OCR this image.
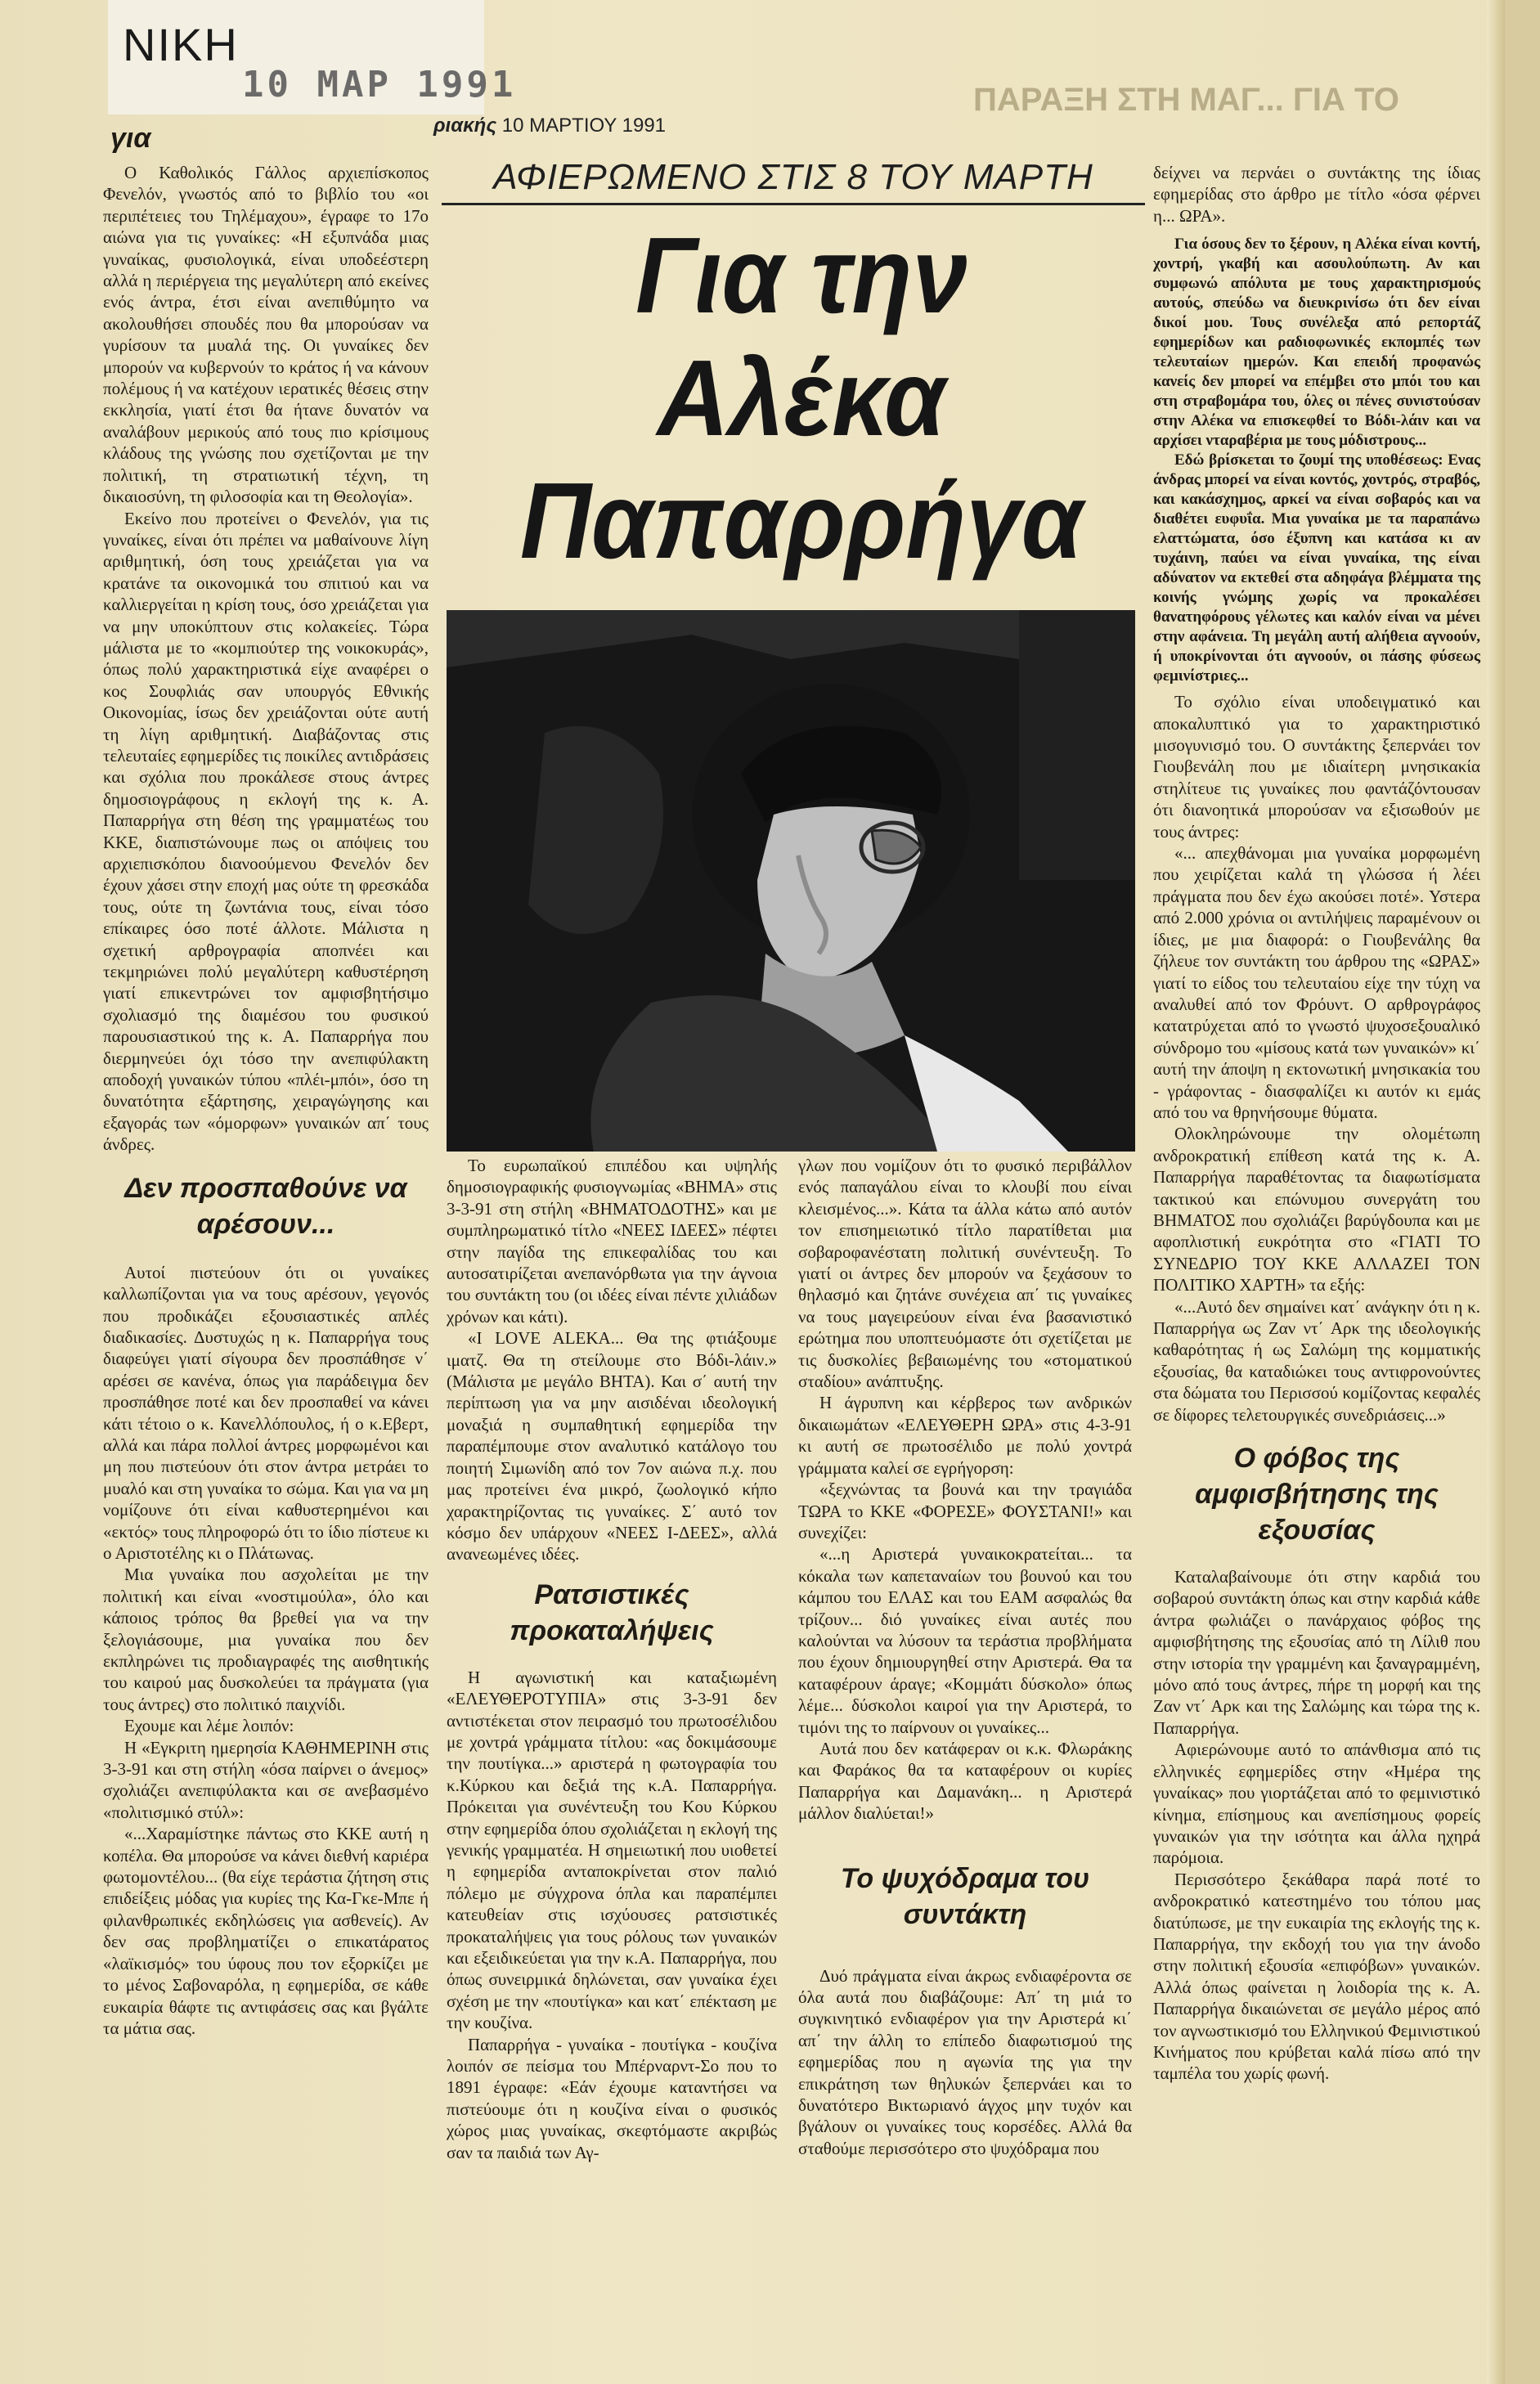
ΝΙΚΗ
10 ΜΑΡ 1991	ΠΑΡΑΞΗ ΣΤΗ ΜΑΓ... ΓΙΑ ΤΟ
ριακής 10 ΜΑΡΤΙΟΥ 1991
για
ΑΦΙΕΡΩΜΕΝΟ ΣΤΙΣ 8 ΤΟΥ ΜΑΡΤΗ
Για την
Αλέκα
Παπαρρήγα

Ο Καθολικός Γάλλος αρχιεπίσκοπος Φενελόν, γνωστός από το βιβλίο του «οι περιπέτειες του Τηλέμαχου», έγραφε το 17ο αιώνα για τις γυναίκες: «Η εξυπνάδα μιας γυναίκας, φυσιολογικά, είναι υποδεέστερη αλλά η περιέργεια της μεγαλύτερη από εκείνες ενός άντρα, έτσι είναι ανεπιθύμητο να ακολουθήσει σπουδές που θα μπορούσαν να γυρίσουν τα μυαλά της. Οι γυναίκες δεν μπορούν να κυβερνούν το κράτος ή να κάνουν πολέμους ή να κατέχουν ιερατικές θέσεις στην εκκλησία, γιατί έτσι θα ήτανε δυνατόν να αναλάβουν μερικούς από τους πιο κρίσιμους κλάδους της γνώσης που σχετίζονται με την πολιτική, τη στρατιωτική τέχνη, τη δικαιοσύνη, τη φιλοσοφία και τη Θεολογία».

Εκείνο που προτείνει ο Φενελόν, για τις γυναίκες, είναι ότι πρέπει να μαθαίνουνε λίγη αριθμητική, όση τους χρειάζεται για να κρατάνε τα οικονομικά του σπιτιού και να καλλιεργείται η κρίση τους, όσο χρειάζεται για να μην υποκύπτουν στις κολακείες. Τώρα μάλιστα με το «κομπιούτερ της νοικοκυράς», όπως πολύ χαρακτηριστικά είχε αναφέρει ο κος Σουφλιάς σαν υπουργός Εθνικής Οικονομίας, ίσως δεν χρειάζονται ούτε αυτή τη λίγη αριθμητική. Διαβάζοντας στις τελευταίες εφημερίδες τις ποικίλες αντιδράσεις και σχόλια που προκάλεσε στους άντρες δημοσιογράφους η εκλογή της κ. Α. Παπαρρήγα στη θέση της γραμματέως του ΚΚΕ, διαπιστώνουμε πως οι απόψεις του αρχιεπισκόπου διανοούμενου Φενελόν δεν έχουν χάσει στην εποχή μας ούτε τη φρεσκάδα τους, ούτε τη ζωντάνια τους, είναι τόσο επίκαιρες όσο ποτέ άλλοτε. Μάλιστα η σχετική αρθρογραφία αποπνέει και τεκμηριώνει πολύ μεγαλύτερη καθυστέρηση γιατί επικεντρώνει τον αμφισβητήσιμο σχολιασμό της διαμέσου του φυσικού παρουσιαστικού της κ. Α. Παπαρρήγα που διερμηνεύει όχι τόσο την ανεπιφύλακτη αποδοχή γυναικών τύπου «πλέι-μπόι», όσο τη δυνατότητα εξάρτησης, χειραγώγησης και εξαγοράς των «όμορφων» γυναικών απ΄ τους άνδρες.

Δεν προσπαθούνε να αρέσουν...

Αυτοί πιστεύουν ότι οι γυναίκες καλλωπίζονται για να τους αρέσουν, γεγονός που προδικάζει εξουσιαστικές απλές διαδικασίες. Δυστυχώς η κ. Παπαρρήγα τους διαφεύγει γιατί σίγουρα δεν προσπάθησε ν΄ αρέσει σε κανένα, όπως για παράδειγμα δεν προσπάθησε ποτέ και δεν προσπαθεί να κάνει κάτι τέτοιο ο κ. Κανελλόπουλος, ή ο κ.Εβερτ, αλλά και πάρα πολλοί άντρες μορφωμένοι και μη που πιστεύουν ότι στον άντρα μετράει το μυαλό και στη γυναίκα το σώμα. Και για να μη νομίζουνε ότι είναι καθυστερημένοι και «εκτός» τους πληροφορώ ότι το ίδιο πίστευε κι ο Αριστοτέλης κι ο Πλάτωνας.

Μια γυναίκα που ασχολείται με την πολιτική και είναι «νοστιμούλα», όλο και κάποιος τρόπος θα βρεθεί για να την ξελογιάσουμε, μια γυναίκα που δεν εκπληρώνει τις προδιαγραφές της αισθητικής του καιρού μας δυσκολεύει τα πράγματα (για τους άντρες) στο πολιτικό παιχνίδι.

Εχουμε και λέμε λοιπόν:

Η «Εγκριτη ημερησία ΚΑΘΗΜΕΡΙΝΗ στις 3-3-91 και στη στήλη «όσα παίρνει ο άνεμος» σχολιάζει ανεπιφύλακτα και σε ανεβασμένο «πολιτισμικό στύλ»:

«...Χαραμίστηκε πάντως στο ΚΚΕ αυτή η κοπέλα. Θα μπορούσε να κάνει διεθνή καριέρα φωτομοντέλου... (θα είχε τεράστια ζήτηση στις επιδείξεις μόδας για κυρίες της Κα-Γκε-Μπε ή φιλανθρωπικές εκδηλώσεις για ασθενείς). Αν δεν σας προβληματίζει ο επικατάρατος «λαϊκισμός» του ύφους που τον εξορκίζει με το μένος Σαβοναρόλα, η εφημερίδα, σε κάθε ευκαιρία θάφτε τις αντιφάσεις σας και βγάλτε τα μάτια σας.

Το ευρωπαϊκού επιπέδου και υψηλής δημοσιογραφικής φυσιογνωμίας «ΒΗΜΑ» στις 3-3-91 στη στήλη «ΒΗΜΑΤΟΔΟΤΗΣ» και με συμπληρωματικό τίτλο «ΝΕΕΣ ΙΔΕΕΣ» πέφτει στην παγίδα της επικεφαλίδας του και αυτοσατιρίζεται ανεπανόρθωτα για την άγνοια του συντάκτη του (οι ιδέες είναι πέντε χιλιάδων χρόνων και κάτι).

«I LOVE ALEKA... Θα της φτιάξουμε ιματζ. Θα τη στείλουμε στο Βόδι-λάιν.» (Μάλιστα με μεγάλο ΒΗΤΑ). Και σ΄ αυτή την περίπτωση για να μην αισιδέναι ιδεολογική μοναξιά η συμπαθητική εφημερίδα την παραπέμπουμε στον αναλυτικό κατάλογο του ποιητή Σιμωνίδη από τον 7ον αιώνα π.χ. που μας προτείνει ένα μικρό, ζωολογικό κήπο χαρακτηρίζοντας τις γυναίκες. Σ΄ αυτό τον κόσμο δεν υπάρχουν «ΝΕΕΣ Ι-ΔΕΕΣ», αλλά ανανεωμένες ιδέες.

Ρατσιστικές προκαταλήψεις

Η αγωνιστική και καταξιωμένη «ΕΛΕΥΘΕΡΟΤΥΠΙΑ» στις 3-3-91 δεν αντιστέκεται στον πειρασμό του πρωτοσέλιδου με χοντρά γράμματα τίτλου: «ας δοκιμάσουμε την πουτίγκα...» αριστερά η φωτογραφία του κ.Κύρκου και δεξιά της κ.Α. Παπαρρήγα. Πρόκειται για συνέντευξη του Κου Κύρκου στην εφημερίδα όπου σχολιάζεται η εκλογή της γενικής γραμματέα. Η σημειωτική που υιοθετεί η εφημερίδα ανταποκρίνεται στον παλιό πόλεμο με σύγχρονα όπλα και παραπέμπει κατευθείαν στις ισχύουσες ρατσιστικές προκαταλήψεις για τους ρόλους των γυναικών και εξειδικεύεται για την κ.Α. Παπαρρήγα, που όπως συνειρμικά δηλώνεται, σαν γυναίκα έχει σχέση με την «πουτίγκα» και κατ΄ επέκταση με την κουζίνα.

Παπαρρήγα - γυναίκα - πουτίγκα - κουζίνα λοιπόν σε πείσμα του Μπέρναρντ-Σο που το 1891 έγραφε: «Εάν έχουμε καταντήσει να πιστεύουμε ότι η κουζίνα είναι ο φυσικός χώρος μιας γυναίκας, σκεφτόμαστε ακριβώς σαν τα παιδιά των Αγ-

γλων που νομίζουν ότι το φυσικό περιβάλλον ενός παπαγάλου είναι το κλουβί που είναι κλεισμένος...». Κάτα τα άλλα κάτω από αυτόν τον επισημειωτικό τίτλο παρατίθεται μια σοβαροφανέστατη πολιτική συνέντευξη. Το γιατί οι άντρες δεν μπορούν να ξεχάσουν το θηλασμό και ζητάνε συνέχεια απ΄ τις γυναίκες να τους μαγειρεύουν είναι ένα βασανιστικό ερώτημα που υποπτευόμαστε ότι σχετίζεται με τις δυσκολίες βεβαιωμένης του «στοματικού σταδίου» ανάπτυξης.

Η άγρυπνη και κέρβερος των ανδρικών δικαιωμάτων «ΕΛΕΥΘΕΡΗ ΩΡΑ» στις 4-3-91 κι αυτή σε πρωτοσέλιδο με πολύ χοντρά γράμματα καλεί σε εγρήγορση:

«ξεχνώντας τα βουνά και την τραγιάδα ΤΩΡΑ το ΚΚΕ «ΦΟΡΕΣΕ» ΦΟΥΣΤΑΝΙ!» και συνεχίζει:

«...η Αριστερά γυναικοκρατείται... τα κόκαλα των καπεταναίων του βουνού και του κάμπου του ΕΛΑΣ και του ΕΑΜ ασφαλώς θα τρίζουν... διό γυναίκες είναι αυτές που καλούνται να λύσουν τα τεράστια προβλήματα που έχουν δημιουργηθεί στην Αριστερά. Θα τα καταφέρουν άραγε; «Κομμάτι δύσκολο» όπως λέμε... δύσκολοι καιροί για την Αριστερά, το τιμόνι της το παίρνουν οι γυναίκες...

Αυτά που δεν κατάφεραν οι κ.κ. Φλωράκης και Φαράκος θα τα καταφέρουν οι κυρίες Παπαρρήγα και Δαμανάκη... η Αριστερά μάλλον διαλύεται!»

Το ψυχόδραμα του συντάκτη

Δυό πράγματα είναι άκρως ενδιαφέροντα σε όλα αυτά που διαβάζουμε: Απ΄ τη μιά το συγκινητικό ενδιαφέρον για την Αριστερά κι΄ απ΄ την άλλη το επίπεδο διαφωτισμού της εφημερίδας που η αγωνία της για την επικράτηση των θηλυκών ξεπερνάει και το δυνατότερο Βικτωριανό άγχος μην τυχόν και βγάλουν οι γυναίκες τους κορσέδες. Αλλά θα σταθούμε περισσότερο στο ψυχόδραμα που

δείχνει να περνάει ο συντάκτης της ίδιας εφημερίδας στο άρθρο με τίτλο «όσα φέρνει η... ΩΡΑ».

Για όσους δεν το ξέρουν, η Αλέκα είναι κοντή, χοντρή, γκαβή και ασουλούπωτη. Αν και συμφωνώ απόλυτα με τους χαρακτηρισμούς αυτούς, σπεύδω να διευκρινίσω ότι δεν είναι δικοί μου. Τους συνέλεξα από ρεπορτάζ εφημερίδων και ραδιοφωνικές εκπομπές των τελευταίων ημερών. Και επειδή προφανώς κανείς δεν μπορεί να επέμβει στο μπόι του και στη στραβομάρα του, όλες οι πένες συνιστούσαν στην Αλέκα να επισκεφθεί το Βόδι-λάιν και να αρχίσει νταραβέρια με τους μόδιστρους...

Εδώ βρίσκεται το ζουμί της υποθέσεως: Ενας άνδρας μπορεί να είναι κοντός, χοντρός, στραβός, και κακάσχημος, αρκεί να είναι σοβαρός και να διαθέτει ευφυΐα. Μια γυναίκα με τα παραπάνω ελαττώματα, όσο έξυπνη και κατάσα κι αν τυχάινη, παύει να είναι γυναίκα, της είναι αδύνατον να εκτεθεί στα αδηφάγα βλέμματα της κοινής γνώμης χωρίς να προκαλέσει θανατηφόρους γέλωτες και καλόν είναι να μένει στην αφάνεια. Τη μεγάλη αυτή αλήθεια αγνοούν, ή υποκρίνονται ότι αγνοούν, οι πάσης φύσεως φεμινίστριες...

Το σχόλιο είναι υποδειγματικό και αποκαλυπτικό για το χαρακτηριστικό μισογυνισμό του. Ο συντάκτης ξεπερνάει τον Γιουβενάλη που με ιδιαίτερη μνησικακία στηλίτευε τις γυναίκες που φαντάζόντουσαν ότι διανοητικά μπορούσαν να εξισωθούν με τους άντρες:

«... απεχθάνομαι μια γυναίκα μορφωμένη που χειρίζεται καλά τη γλώσσα ή λέει πράγματα που δεν έχω ακούσει ποτέ». Υστερα από 2.000 χρόνια οι αντιλήψεις παραμένουν οι ίδιες, με μια διαφορά: ο Γιουβενάλης θα ζήλευε τον συντάκτη του άρθρου της «ΩΡΑΣ» γιατί το είδος του τελευταίου είχε την τύχη να αναλυθεί από τον Φρόυντ. Ο αρθρογράφος κατατρύχεται από το γνωστό ψυχοσεξουαλικό σύνδρομο του «μίσους κατά των γυναικών» κι΄ αυτή την άποψη η εκτονωτική μνησικακία του - γράφοντας - διασφαλίζει κι αυτόν κι εμάς από του να θρηνήσουμε θύματα.

Ολοκληρώνουμε την ολομέτωπη ανδροκρατική επίθεση κατά της κ. Α. Παπαρρήγα παραθέτοντας τα διαφωτίσματα τακτικού και επώνυμου συνεργάτη του ΒΗΜΑΤΟΣ που σχολιάζει βαρύγδουπα και με αφοπλιστική ευκρότητα στο «ΓΙΑΤΙ ΤΟ ΣΥΝΕΔΡΙΟ ΤΟΥ ΚΚΕ ΑΛΛΑΖΕΙ ΤΟΝ ΠΟΛΙΤΙΚΟ ΧΑΡΤΗ» τα εξής:

«...Αυτό δεν σημαίνει κατ΄ ανάγκην ότι η κ. Παπαρρήγα ως Ζαν ντ΄ Αρκ της ιδεολογικής καθαρότητας ή ως Σαλώμη της κομματικής εξουσίας, θα καταδιώκει τους αντιφρονούντες στα δώματα του Περισσού κομίζοντας κεφαλές σε δίφορες τελετουργικές συνεδριάσεις...»

Ο φόβος της αμφισβήτησης της εξουσίας

Καταλαβαίνουμε ότι στην καρδιά του σοβαρού συντάκτη όπως και στην καρδιά κάθε άντρα φωλιάζει ο πανάρχαιος φόβος της αμφισβήτησης της εξουσίας από τη Λίλιθ που στην ιστορία την γραμμένη και ξαναγραμμένη, μόνο από τους άντρες, πήρε τη μορφή και της Ζαν ντ΄ Αρκ και της Σαλώμης και τώρα της κ. Παπαρρήγα.

Αφιερώνουμε αυτό το απάνθισμα από τις ελληνικές εφημερίδες στην «Ημέρα της γυναίκας» που γιορτάζεται από το φεμινιστικό κίνημα, επίσημους και ανεπίσημους φορείς γυναικών για την ισότητα και άλλα ηχηρά παρόμοια.

Περισσότερο ξεκάθαρα παρά ποτέ το ανδροκρατικό κατεστημένο του τόπου μας διατύπωσε, με την ευκαιρία της εκλογής της κ. Παπαρρήγα, την εκδοχή του για την άνοδο στην πολιτική εξουσία «επιφόβων» γυναικών. Αλλά όπως φαίνεται η λοιδορία της κ. Α. Παπαρρήγα δικαιώνεται σε μεγάλο μέρος από τον αγνωστικισμό του Ελληνικού Φεμινιστικού Κινήματος που κρύβεται καλά πίσω από την ταμπέλα του χωρίς φωνή.
